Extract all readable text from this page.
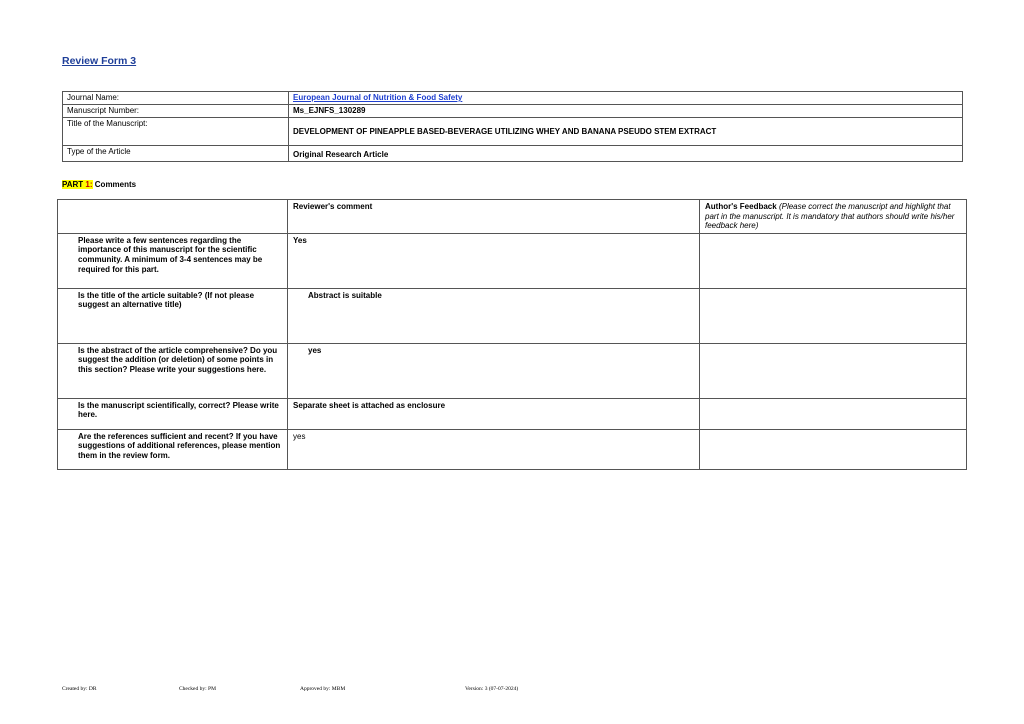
Review Form 3
Journal Name:	European Journal of Nutrition & Food Safety
Manuscript Number:	Ms_EJNFS_130289
Title of the Manuscript:	DEVELOPMENT OF PINEAPPLE BASED-BEVERAGE UTILIZING WHEY AND BANANA PSEUDO STEM EXTRACT
Type of the Article	Original Research Article
PART 1: Comments
	Reviewer's comment	Author's Feedback (Please correct the manuscript and highlight that part in the manuscript. It is mandatory that authors should write his/her feedback here)
Please write a few sentences regarding the importance of this manuscript for the scientific community. A minimum of 3-4 sentences may be required for this part.	Yes	
Is the title of the article suitable? (If not please suggest an alternative title)	Abstract is suitable	
Is the abstract of the article comprehensive? Do you suggest the addition (or deletion) of some points in this section? Please write your suggestions here.	yes	
Is the manuscript scientifically, correct? Please write here.	Separate sheet is attached as enclosure	
Are the references sufficient and recent? If you have suggestions of additional references, please mention them in the review form.	yes	
Created by: DR	Checked by: PM	Approved by: MBM	Version: 3 (07-07-2024)
